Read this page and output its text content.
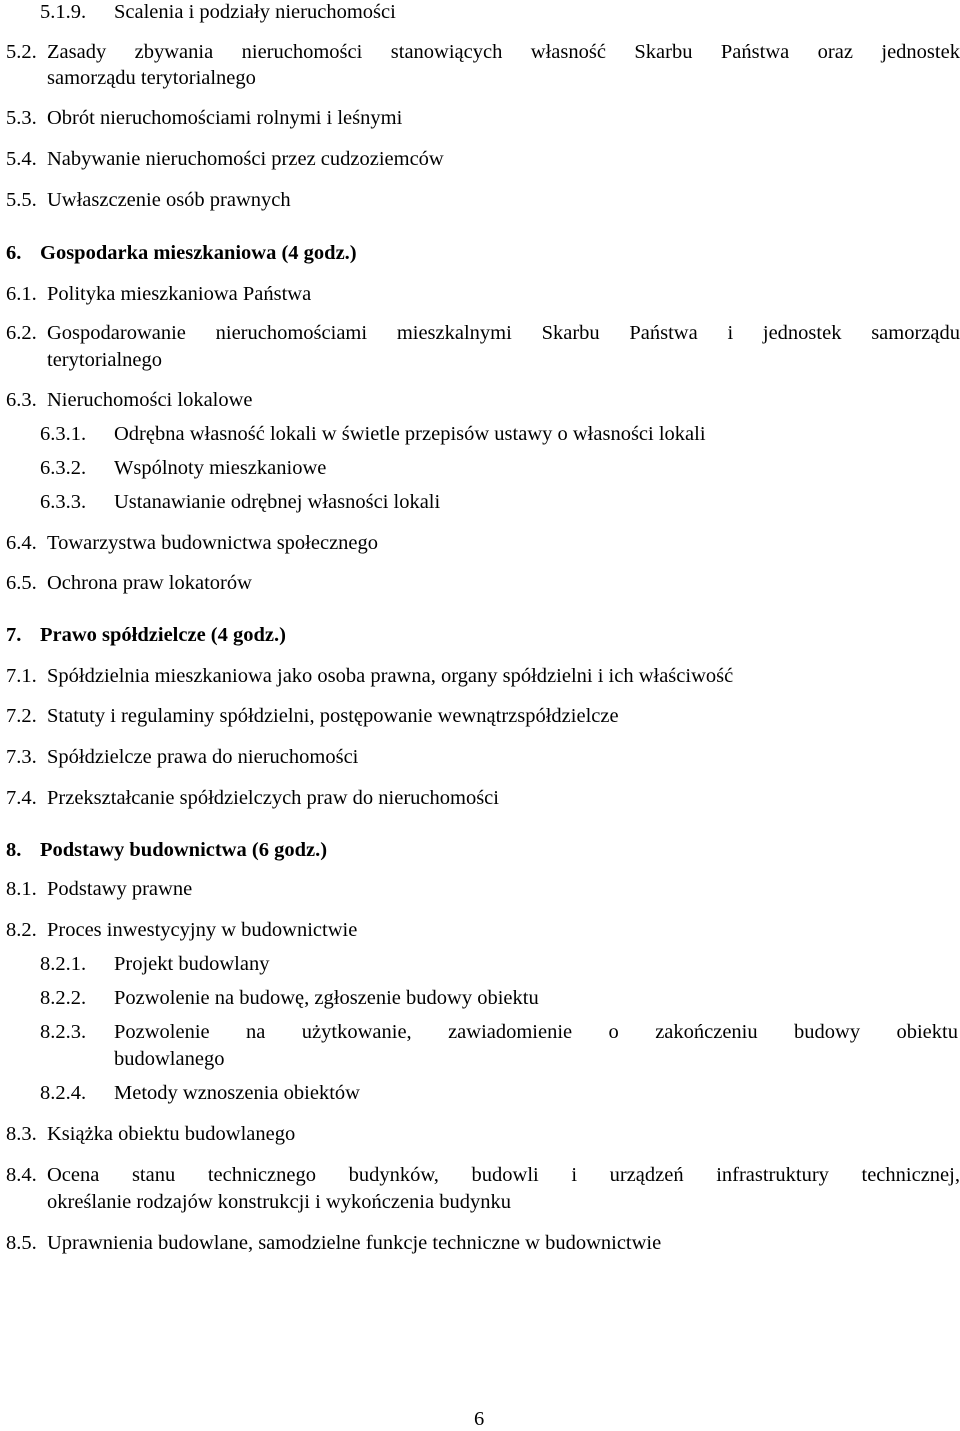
5.1.9. Scalenia i podziały nieruchomości
5.2. Zasady zbywania nieruchomości stanowiących własność Skarbu Państwa oraz jednostek
samorządu terytorialnego
5.3. Obrót nieruchomościami rolnymi i leśnymi
5.4. Nabywanie nieruchomości przez cudzoziemców
5.5. Uwłaszczenie osób prawnych
6. Gospodarka mieszkaniowa (4 godz.)
6.1. Polityka mieszkaniowa Państwa
6.2. Gospodarowanie nieruchomościami mieszkalnymi Skarbu Państwa i jednostek samorządu
terytorialnego
6.3. Nieruchomości lokalowe
6.3.1. Odrębna własność lokali w świetle przepisów ustawy o własności lokali
6.3.2. Wspólnoty mieszkaniowe
6.3.3. Ustanawianie odrębnej własności lokali
6.4. Towarzystwa budownictwa społecznego
6.5. Ochrona praw lokatorów
7. Prawo spółdzielcze (4 godz.)
7.1. Spółdzielnia mieszkaniowa jako osoba prawna, organy spółdzielni i ich właściwość
7.2. Statuty i regulaminy spółdzielni, postępowanie wewnątrzspółdzielcze
7.3. Spółdzielcze prawa do nieruchomości
7.4. Przekształcanie spółdzielczych praw do nieruchomości
8. Podstawy budownictwa (6 godz.)
8.1. Podstawy prawne
8.2. Proces inwestycyjny w budownictwie
8.2.1. Projekt budowlany
8.2.2. Pozwolenie na budowę, zgłoszenie budowy obiektu
8.2.3. Pozwolenie na użytkowanie, zawiadomienie o zakończeniu budowy obiektu
budowlanego
8.2.4. Metody wznoszenia obiektów
8.3. Książka obiektu budowlanego
8.4. Ocena stanu technicznego budynków, budowli i urządzeń infrastruktury technicznej,
określanie rodzajów konstrukcji i wykończenia budynku
8.5. Uprawnienia budowlane, samodzielne funkcje techniczne w budownictwie
6
